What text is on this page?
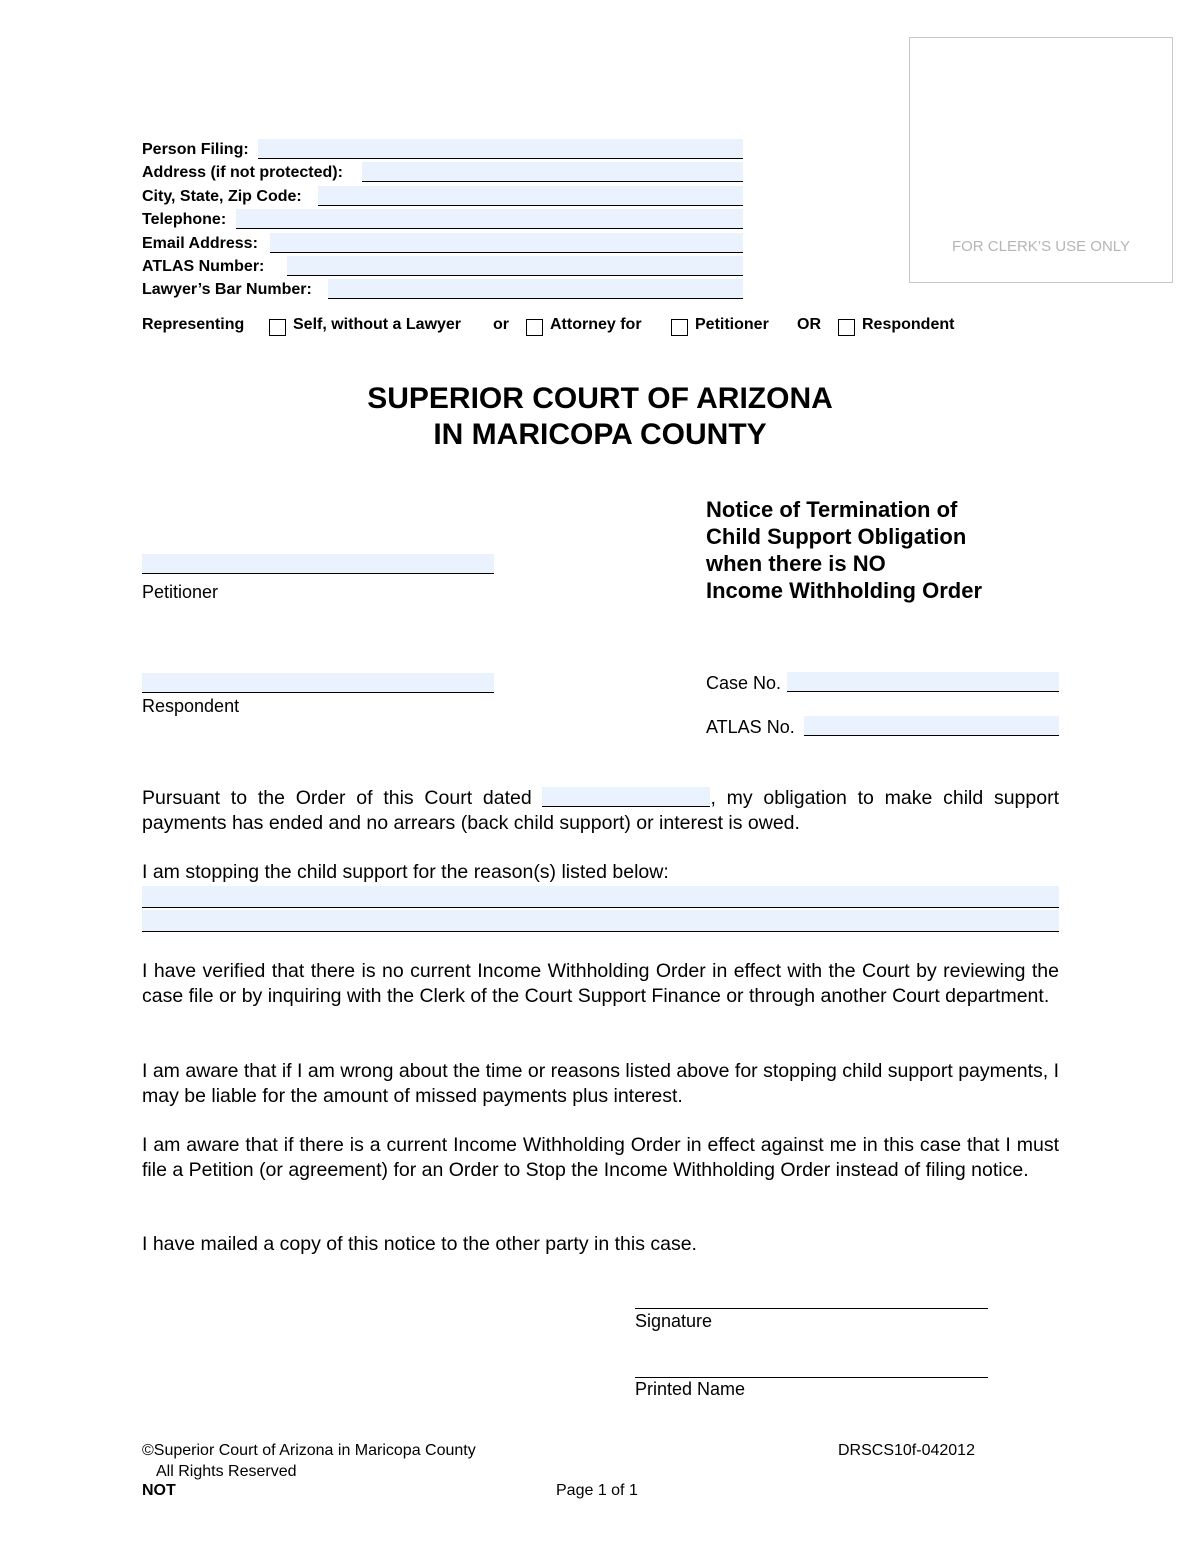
Person Filing:
Address (if not protected):
City, State, Zip Code:
Telephone:
Email Address:
ATLAS Number:
Lawyer’s Bar Number:
Representing	Self, without a Lawyer or	Attorney for	Petitioner OR	Respondent
FOR CLERK’S USE ONLY
SUPERIOR COURT OF ARIZONA
IN MARICOPA COUNTY
Notice of Termination of
Child Support Obligation
when there is NO
Income Withholding Order
Petitioner
Respondent
Case No.
ATLAS No.
Pursuant to the Order of this Court dated	, my obligation to make child support payments has ended and no arrears (back child support) or interest is owed.
I am stopping the child support for the reason(s) listed below:
I have verified that there is no current Income Withholding Order in effect with the Court by reviewing the case file or by inquiring with the Clerk of the Court Support Finance or through another Court department.
I am aware that if I am wrong about the time or reasons listed above for stopping child support payments, I may be liable for the amount of missed payments plus interest.
I am aware that if there is a current Income Withholding Order in effect against me in this case that I must file a Petition (or agreement) for an Order to Stop the Income Withholding Order instead of filing notice.
I have mailed a copy of this notice to the other party in this case.
Signature
Printed Name
©Superior Court of Arizona in Maricopa County
All Rights Reserved
NOT
DRSCS10f-042012
Page 1 of 1
